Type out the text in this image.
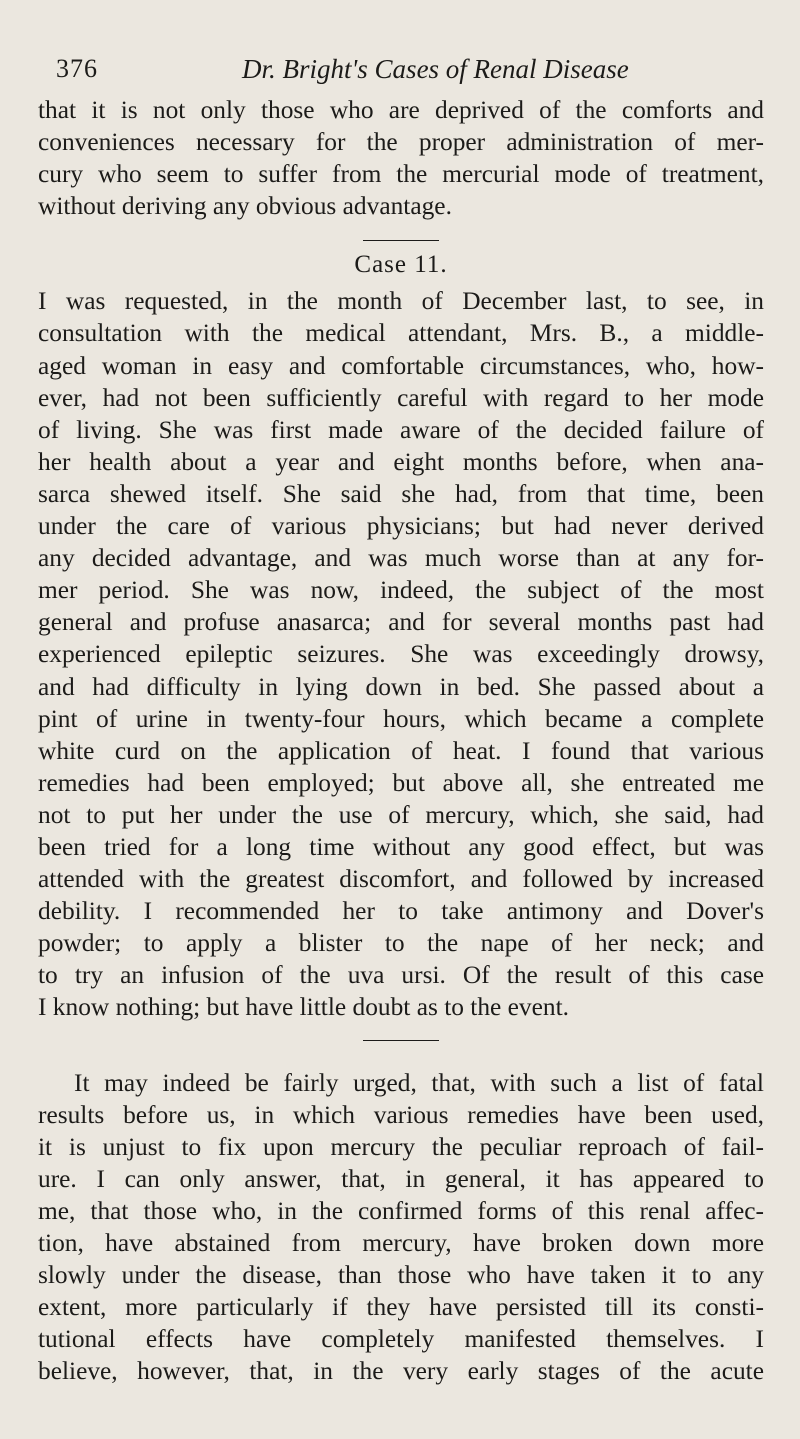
376	Dr. Bright's Cases of Renal Disease
that it is not only those who are deprived of the comforts and
conveniences necessary for the proper administration of mer-
cury who seem to suffer from the mercurial mode of treatment,
without deriving any obvious advantage.
Case 11.
I was requested, in the month of December last, to see, in
consultation with the medical attendant, Mrs. B., a middle-
aged woman in easy and comfortable circumstances, who, how-
ever, had not been sufficiently careful with regard to her mode
of living. She was first made aware of the decided failure of
her health about a year and eight months before, when ana-
sarca shewed itself. She said she had, from that time, been
under the care of various physicians; but had never derived
any decided advantage, and was much worse than at any for-
mer period. She was now, indeed, the subject of the most
general and profuse anasarca; and for several months past had
experienced epileptic seizures. She was exceedingly drowsy,
and had difficulty in lying down in bed. She passed about a
pint of urine in twenty-four hours, which became a complete
white curd on the application of heat. I found that various
remedies had been employed; but above all, she entreated me
not to put her under the use of mercury, which, she said, had
been tried for a long time without any good effect, but was
attended with the greatest discomfort, and followed by increased
debility. I recommended her to take antimony and Dover's
powder; to apply a blister to the nape of her neck; and
to try an infusion of the uva ursi. Of the result of this case
I know nothing; but have little doubt as to the event.
It may indeed be fairly urged, that, with such a list of fatal
results before us, in which various remedies have been used,
it is unjust to fix upon mercury the peculiar reproach of fail-
ure. I can only answer, that, in general, it has appeared to
me, that those who, in the confirmed forms of this renal affec-
tion, have abstained from mercury, have broken down more
slowly under the disease, than those who have taken it to any
extent, more particularly if they have persisted till its consti-
tutional effects have completely manifested themselves. I
believe, however, that, in the very early stages of the acute
